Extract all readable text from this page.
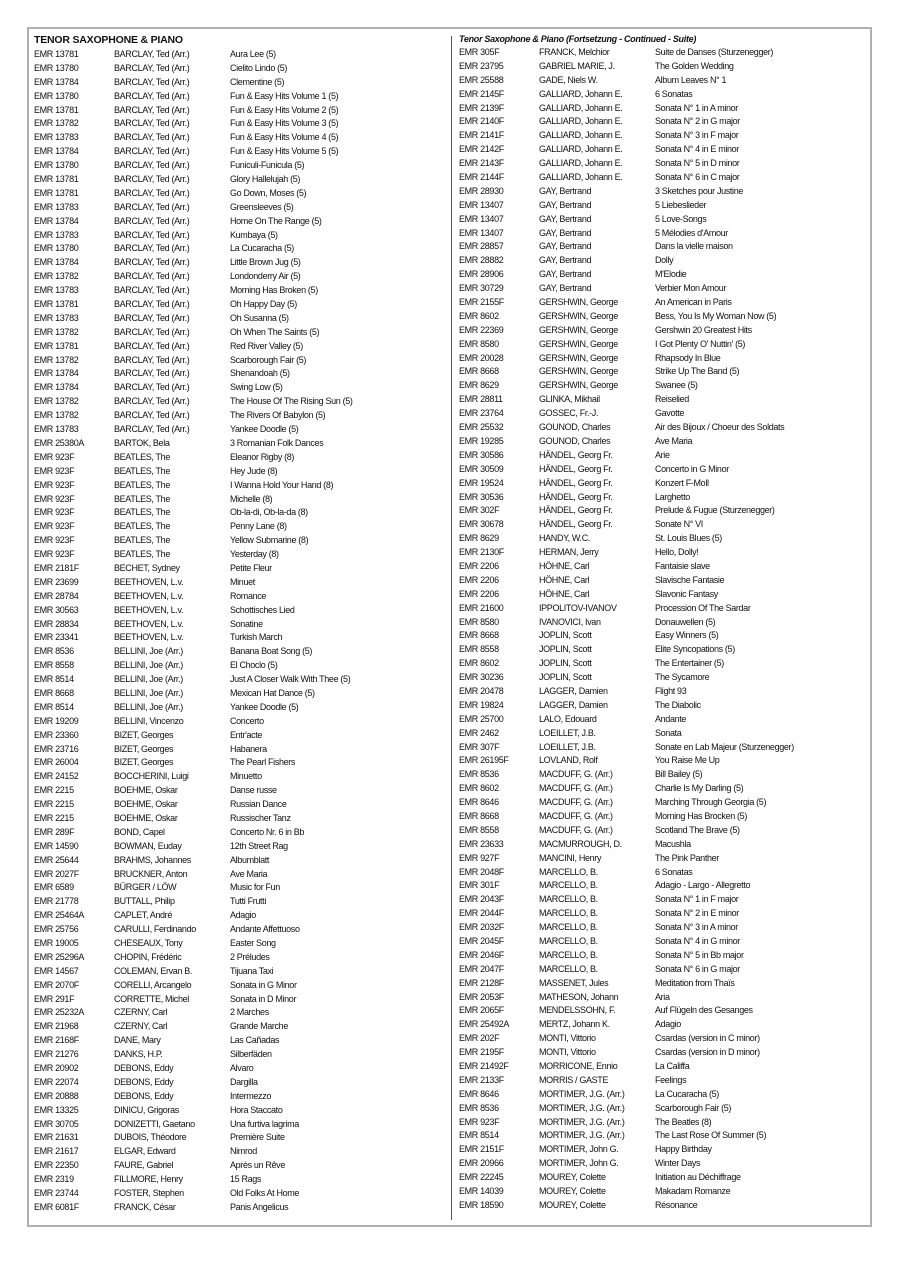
TENOR SAXOPHONE & PIANO
EMR 13781	BARCLAY, Ted (Arr.)	Aura Lee (5)
EMR 13780	BARCLAY, Ted (Arr.)	Cielito Lindo (5)
EMR 13784	BARCLAY, Ted (Arr.)	Clementine (5)
EMR 13780	BARCLAY, Ted (Arr.)	Fun & Easy Hits Volume 1 (5)
EMR 13781	BARCLAY, Ted (Arr.)	Fun & Easy Hits Volume 2 (5)
EMR 13782	BARCLAY, Ted (Arr.)	Fun & Easy Hits Volume 3 (5)
EMR 13783	BARCLAY, Ted (Arr.)	Fun & Easy Hits Volume 4 (5)
EMR 13784	BARCLAY, Ted (Arr.)	Fun & Easy Hits Volume 5 (5)
EMR 13780	BARCLAY, Ted (Arr.)	Funiculi-Funicula (5)
EMR 13781	BARCLAY, Ted (Arr.)	Glory Hallelujah (5)
EMR 13781	BARCLAY, Ted (Arr.)	Go Down, Moses (5)
EMR 13783	BARCLAY, Ted (Arr.)	Greensleeves (5)
EMR 13784	BARCLAY, Ted (Arr.)	Home On The Range (5)
EMR 13783	BARCLAY, Ted (Arr.)	Kumbaya (5)
EMR 13780	BARCLAY, Ted (Arr.)	La Cucaracha (5)
EMR 13784	BARCLAY, Ted (Arr.)	Little Brown Jug (5)
EMR 13782	BARCLAY, Ted (Arr.)	Londonderry Air (5)
EMR 13783	BARCLAY, Ted (Arr.)	Morning Has Broken (5)
EMR 13781	BARCLAY, Ted (Arr.)	Oh Happy Day (5)
EMR 13783	BARCLAY, Ted (Arr.)	Oh Susanna (5)
EMR 13782	BARCLAY, Ted (Arr.)	Oh When The Saints (5)
EMR 13781	BARCLAY, Ted (Arr.)	Red River Valley (5)
EMR 13782	BARCLAY, Ted (Arr.)	Scarborough Fair (5)
EMR 13784	BARCLAY, Ted (Arr.)	Shenandoah (5)
EMR 13784	BARCLAY, Ted (Arr.)	Swing Low (5)
EMR 13782	BARCLAY, Ted (Arr.)	The House Of The Rising Sun (5)
EMR 13782	BARCLAY, Ted (Arr.)	The Rivers Of Babylon (5)
EMR 13783	BARCLAY, Ted (Arr.)	Yankee Doodle (5)
EMR 25380A	BARTOK, Bela	3 Romanian Folk Dances
EMR 923F	BEATLES, The	Eleanor Rigby (8)
EMR 923F	BEATLES, The	Hey Jude (8)
EMR 923F	BEATLES, The	I Wanna Hold Your Hand (8)
EMR 923F	BEATLES, The	Michelle (8)
EMR 923F	BEATLES, The	Ob-la-di, Ob-la-da (8)
EMR 923F	BEATLES, The	Penny Lane (8)
EMR 923F	BEATLES, The	Yellow Submarine (8)
EMR 923F	BEATLES, The	Yesterday (8)
EMR 2181F	BECHET, Sydney	Petite Fleur
EMR 23699	BEETHOVEN, L.v.	Minuet
EMR 28784	BEETHOVEN, L.v.	Romance
EMR 30563	BEETHOVEN, L.v.	Schottisches Lied
EMR 28834	BEETHOVEN, L.v.	Sonatine
EMR 23341	BEETHOVEN, L.v.	Turkish March
EMR 8536	BELLINI, Joe (Arr.)	Banana Boat Song (5)
EMR 8558	BELLINI, Joe (Arr.)	El Choclo (5)
EMR 8514	BELLINI, Joe (Arr.)	Just A Closer Walk With Thee (5)
EMR 8668	BELLINI, Joe (Arr.)	Mexican Hat Dance (5)
EMR 8514	BELLINI, Joe (Arr.)	Yankee Doodle (5)
EMR 19209	BELLINI, Vincenzo	Concerto
EMR 23360	BIZET, Georges	Entr'acte
EMR 23716	BIZET, Georges	Habanera
EMR 26004	BIZET, Georges	The Pearl Fishers
EMR 24152	BOCCHERINI, Luigi	Minuetto
EMR 2215	BOEHME, Oskar	Danse russe
EMR 2215	BOEHME, Oskar	Russian Dance
EMR 2215	BOEHME, Oskar	Russischer Tanz
EMR 289F	BOND, Capel	Concerto Nr. 6 in Bb
EMR 14590	BOWMAN, Euday	12th Street Rag
EMR 25644	BRAHMS, Johannes	Albumblatt
EMR 2027F	BRUCKNER, Anton	Ave Maria
EMR 6589	BÜRGER / LÖW	Music for Fun
EMR 21778	BUTTALL, Philip	Tutti Frutti
EMR 25464A	CAPLET, André	Adagio
EMR 25756	CARULLI, Ferdinando	Andante Affettuoso
EMR 19005	CHESEAUX, Tony	Easter Song
EMR 25296A	CHOPIN, Frédéric	2 Préludes
EMR 14567	COLEMAN, Ervan B.	Tijuana Taxi
EMR 2070F	CORELLI, Arcangelo	Sonata in G Minor
EMR 291F	CORRETTE, Michel	Sonata in D Minor
EMR 25232A	CZERNY, Carl	2 Marches
EMR 21968	CZERNY, Carl	Grande Marche
EMR 2168F	DANE, Mary	Las Cañadas
EMR 21276	DANKS, H.P.	Silberfäden
EMR 20902	DEBONS, Eddy	Alvaro
EMR 22074	DEBONS, Eddy	Dargilla
EMR 20888	DEBONS, Eddy	Intermezzo
EMR 13325	DINICU, Grigoras	Hora Staccato
EMR 30705	DONIZETTI, Gaetano	Una furtiva lagrima
EMR 21631	DUBOIS, Théodore	Première Suite
EMR 21617	ELGAR, Edward	Nimrod
EMR 22350	FAURE, Gabriel	Après un Rêve
EMR 2319	FILLMORE, Henry	15 Rags
EMR 23744	FOSTER, Stephen	Old Folks At Home
EMR 6081F	FRANCK, César	Panis Angelicus
Tenor Saxophone & Piano (Fortsetzung - Continued - Suite)
EMR 305F	FRANCK, Melchior	Suite de Danses (Sturzenegger)
EMR 23795	GABRIEL MARIE, J.	The Golden Wedding
EMR 25588	GADE, Niels W.	Album Leaves N° 1
EMR 2145F	GALLIARD, Johann E.	6 Sonatas
EMR 2139F	GALLIARD, Johann E.	Sonata N° 1 in A minor
EMR 2140F	GALLIARD, Johann E.	Sonata N° 2 in G major
EMR 2141F	GALLIARD, Johann E.	Sonata N° 3 in F major
EMR 2142F	GALLIARD, Johann E.	Sonata N° 4 in E minor
EMR 2143F	GALLIARD, Johann E.	Sonata N° 5 in D minor
EMR 2144F	GALLIARD, Johann E.	Sonata N° 6 in C major
EMR 28930	GAY, Bertrand	3 Sketches pour Justine
EMR 13407	GAY, Bertrand	5 Liebeslieder
EMR 13407	GAY, Bertrand	5 Love-Songs
EMR 13407	GAY, Bertrand	5 Mélodies d'Amour
EMR 28857	GAY, Bertrand	Dans la vielle maison
EMR 28882	GAY, Bertrand	Dolly
EMR 28906	GAY, Bertrand	M'Elodie
EMR 30729	GAY, Bertrand	Verbier Mon Amour
EMR 2155F	GERSHWIN, George	An American in Paris
EMR 8602	GERSHWIN, George	Bess, You Is My Woman Now (5)
EMR 22369	GERSHWIN, George	Gershwin 20 Greatest Hits
EMR 8580	GERSHWIN, George	I Got Plenty O' Nuttin' (5)
EMR 20028	GERSHWIN, George	Rhapsody In Blue
EMR 8668	GERSHWIN, George	Strike Up The Band (5)
EMR 8629	GERSHWIN, George	Swanee (5)
EMR 28811	GLINKA, Mikhail	Reiselied
EMR 23764	GOSSEC, Fr.-J.	Gavotte
EMR 25532	GOUNOD, Charles	Air des Bijoux / Choeur des Soldats
EMR 19285	GOUNOD, Charles	Ave Maria
EMR 30586	HÄNDEL, Georg Fr.	Arie
EMR 30509	HÄNDEL, Georg Fr.	Concerto in G Minor
EMR 19524	HÄNDEL, Georg Fr.	Konzert F-Moll
EMR 30536	HÄNDEL, Georg Fr.	Larghetto
EMR 302F	HÄNDEL, Georg Fr.	Prelude & Fugue (Sturzenegger)
EMR 30678	HÄNDEL, Georg Fr.	Sonate N° VI
EMR 8629	HANDY, W.C.	St. Louis Blues (5)
EMR 2130F	HERMAN, Jerry	Hello, Dolly!
EMR 2206	HÖHNE, Carl	Fantaisie slave
EMR 2206	HÖHNE, Carl	Slavische Fantasie
EMR 2206	HÖHNE, Carl	Slavonic Fantasy
EMR 21600	IPPOLITOV-IVANOV	Procession Of The Sardar
EMR 8580	IVANOVICI, Ivan	Donauwellen (5)
EMR 8668	JOPLIN, Scott	Easy Winners (5)
EMR 8558	JOPLIN, Scott	Elite Syncopations (5)
EMR 8602	JOPLIN, Scott	The Entertainer (5)
EMR 30236	JOPLIN, Scott	The Sycamore
EMR 20478	LAGGER, Damien	Flight 93
EMR 19824	LAGGER, Damien	The Diabolic
EMR 25700	LALO, Edouard	Andante
EMR 2462	LOEILLET, J.B.	Sonata
EMR 307F	LOEILLET, J.B.	Sonate en Lab Majeur (Sturzenegger)
EMR 26195F	LOVLAND, Rolf	You Raise Me Up
EMR 8536	MACDUFF, G. (Arr.)	Bill Bailey (5)
EMR 8602	MACDUFF, G. (Arr.)	Charlie Is My Darling (5)
EMR 8646	MACDUFF, G. (Arr.)	Marching Through Georgia (5)
EMR 8668	MACDUFF, G. (Arr.)	Morning Has Brocken (5)
EMR 8558	MACDUFF, G. (Arr.)	Scotland The Brave (5)
EMR 23633	MACMURROUGH, D.	Macushla
EMR 927F	MANCINI, Henry	The Pink Panther
EMR 2048F	MARCELLO, B.	6 Sonatas
EMR 301F	MARCELLO, B.	Adagio - Largo - Allegretto
EMR 2043F	MARCELLO, B.	Sonata N° 1 in F major
EMR 2044F	MARCELLO, B.	Sonata N° 2 in E minor
EMR 2032F	MARCELLO, B.	Sonata N° 3 in A minor
EMR 2045F	MARCELLO, B.	Sonata N° 4 in G minor
EMR 2046F	MARCELLO, B.	Sonata N° 5 in Bb major
EMR 2047F	MARCELLO, B.	Sonata N° 6 in G major
EMR 2128F	MASSENET, Jules	Meditation from Thaïs
EMR 2053F	MATHESON, Johann	Aria
EMR 2065F	MENDELSSOHN, F.	Auf Flügeln des Gesanges
EMR 25492A	MERTZ, Johann K.	Adagio
EMR 202F	MONTI, Vittorio	Csardas (version in C minor)
EMR 2195F	MONTI, Vittorio	Csardas (version in D minor)
EMR 21492F	MORRICONE, Ennio	La Califfa
EMR 2133F	MORRIS / GASTE	Feelings
EMR 8646	MORTIMER, J.G. (Arr.)	La Cucaracha (5)
EMR 8536	MORTIMER, J.G. (Arr.)	Scarborough Fair (5)
EMR 923F	MORTIMER, J.G. (Arr.)	The Beatles (8)
EMR 8514	MORTIMER, J.G. (Arr.)	The Last Rose Of Summer (5)
EMR 2151F	MORTIMER, John G.	Happy Birthday
EMR 20966	MORTIMER, John G.	Winter Days
EMR 22245	MOUREY, Colette	Initiation au Déchiffrage
EMR 14039	MOUREY, Colette	Makadam Romanze
EMR 18590	MOUREY, Colette	Résonance
